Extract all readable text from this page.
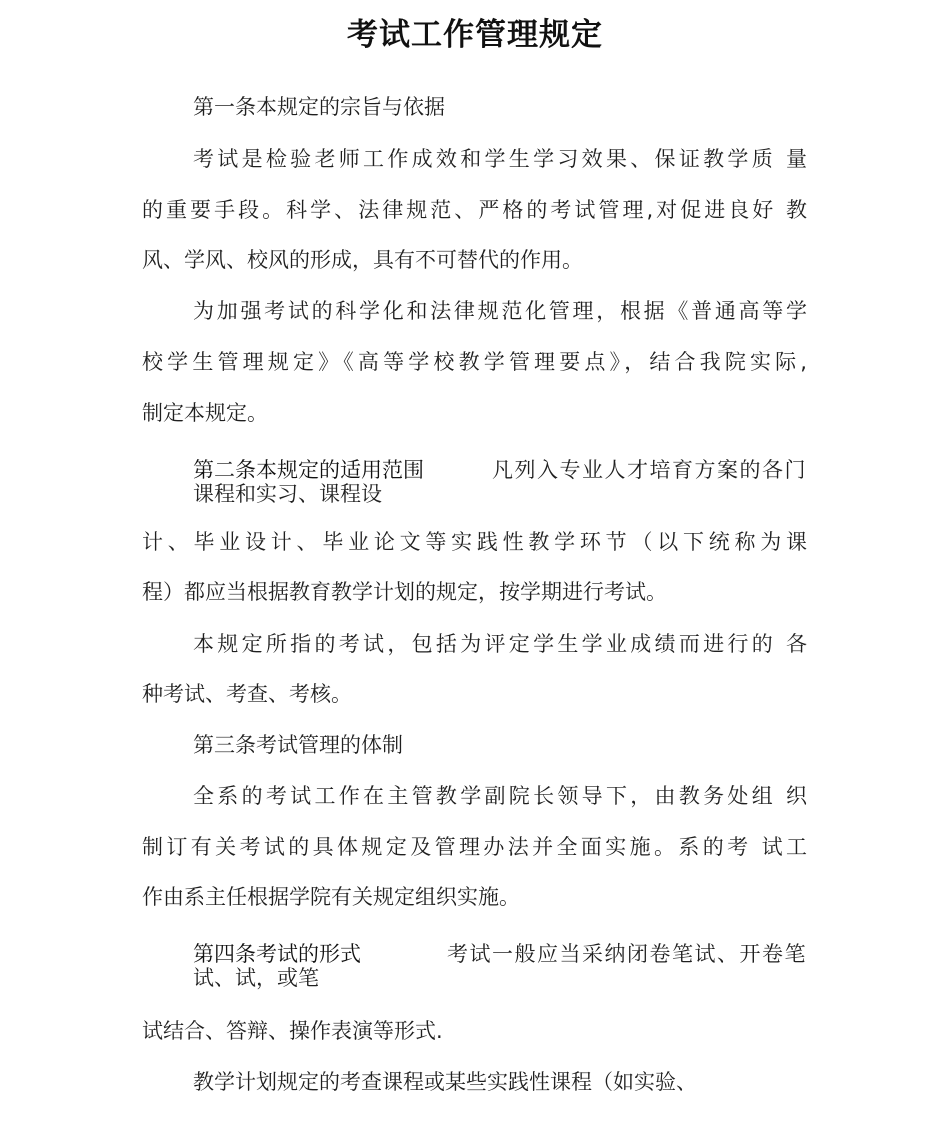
考试工作管理规定
第一条本规定的宗旨与依据
考试是检验老师工作成效和学生学习效果、保证教学质 量
的重要手段。科学、法律规范、严格的考试管理,对促进良好 教
风、学风、校风的形成，具有不可替代的作用。
为加强考试的科学化和法律规范化管理，根据《普通高等学
校学生管理规定》《高等学校教学管理要点》，结合我院实际,
制定本规定。
第二条本规定的适用范围	凡列入专业人才培育方案的各门
课程和实习、课程设
计、毕业设计、毕业论文等实践性教学环节（以下统称为课
程）都应当根据教育教学计划的规定，按学期进行考试。
本规定所指的考试，包括为评定学生学业成绩而进行的 各
种考试、考查、考核。
第三条考试管理的体制
全系的考试工作在主管教学副院长领导下，由教务处组 织
制订有关考试的具体规定及管理办法并全面实施。系的考 试工
作由系主任根据学院有关规定组织实施。
第四条考试的形式	考试一般应当采纳闭卷笔试、开卷笔
试、试，或笔
试结合、答辩、操作表演等形式.
教学计划规定的考查课程或某些实践性课程（如实验、
